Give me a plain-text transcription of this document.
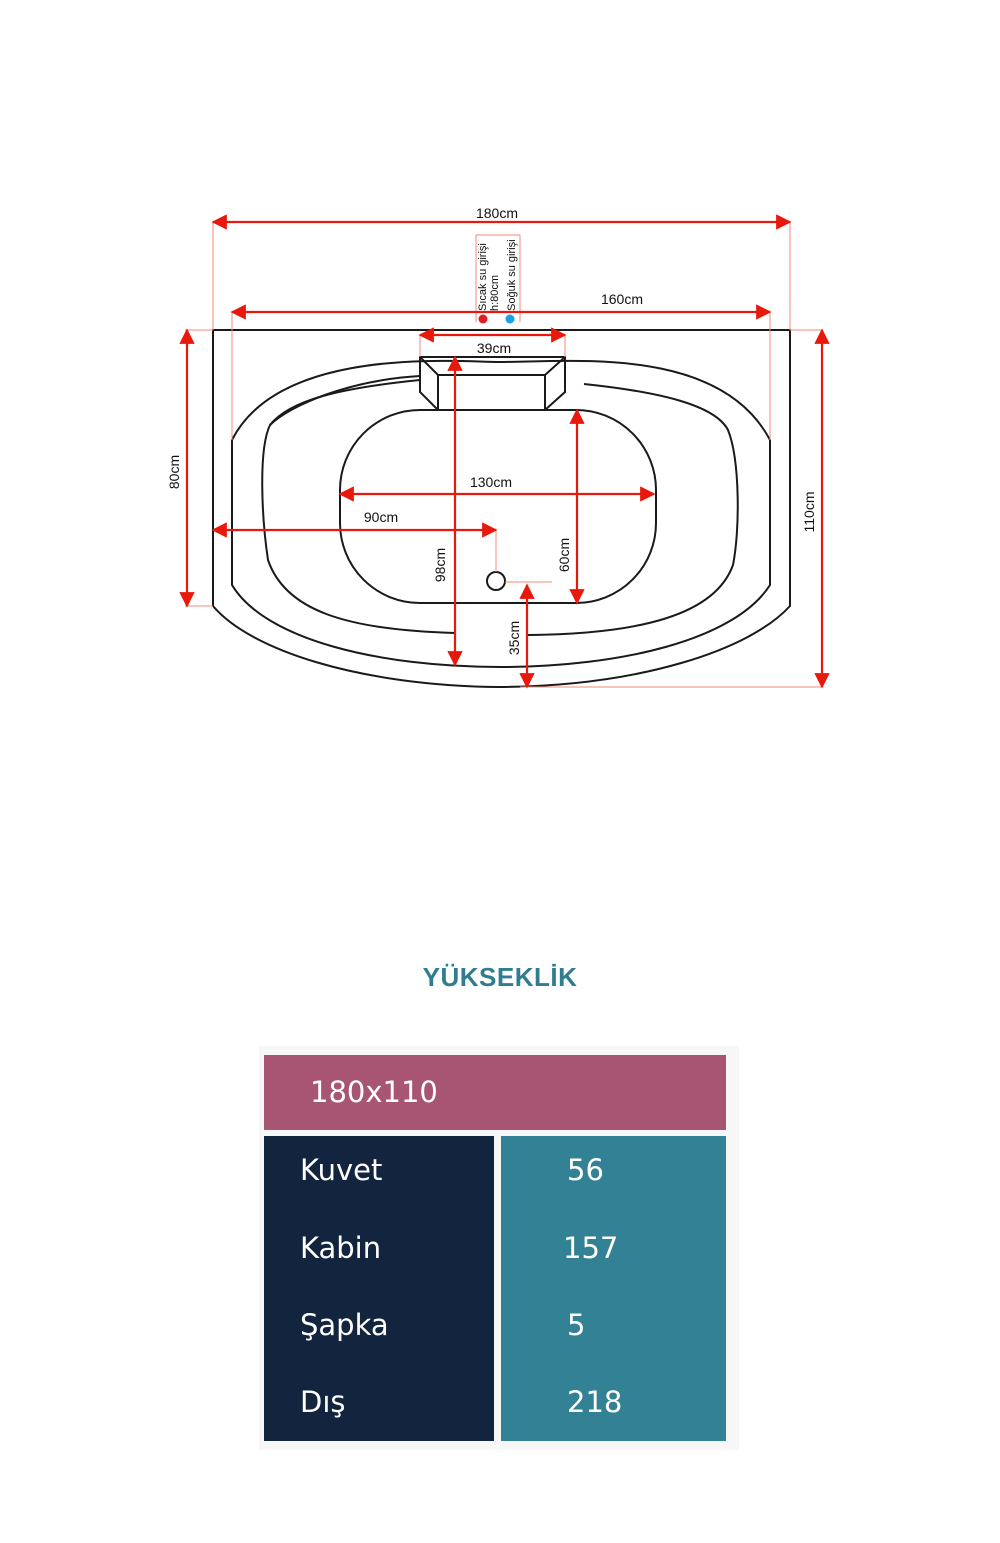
180cm
160cm
39cm
130cm
90cm
80cm
110cm
98cm	60cm
35cm
Sıcak su girişi h:80cm Soğuk su girişi
YÜKSEKLİK
180x110
Kuvet
Kabin
Şapka
Dış
56
157
5
218
